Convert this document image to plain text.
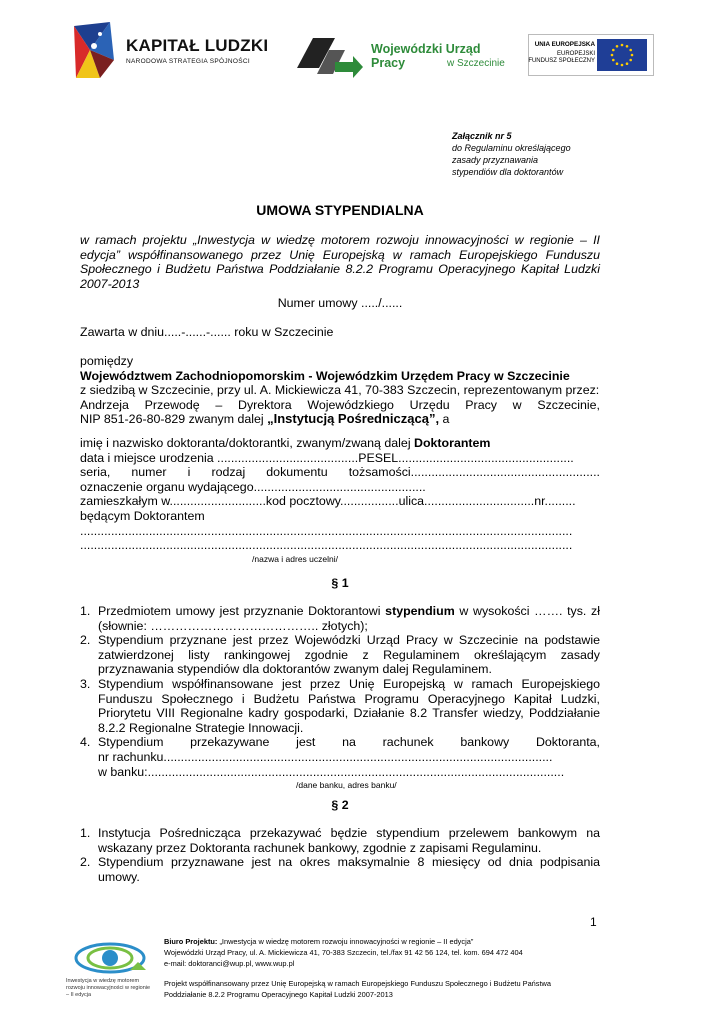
KAPITAŁ LUDZKI
NARODOWA STRATEGIA SPÓJNOŚCI
Wojewódzki Urząd Pracy	w Szczecinie
UNIA EUROPEJSKA
EUROPEJSKI
FUNDUSZ SPOŁECZNY
Załącznik nr 5
do Regulaminu określającego
zasady przyznawania
stypendiów dla doktorantów
UMOWA STYPENDIALNA
w ramach projektu „Inwestycja w wiedzę motorem rozwoju innowacyjności w regionie – II edycja” współfinansowanego przez Unię Europejską w ramach Europejskiego Funduszu Społecznego i Budżetu Państwa Poddziałanie 8.2.2 Programu Operacyjnego Kapitał Ludzki 2007-2013
Numer umowy ...../......
Zawarta w dniu.....-......-...... roku w Szczecinie
pomiędzy
Województwem Zachodniopomorskim - Wojewódzkim Urzędem Pracy w Szczecinie
z siedzibą w Szczecinie, przy ul. A. Mickiewicza 41, 70-383 Szczecin, reprezentowanym przez:
Andrzeja Przewodę – Dyrektora Wojewódzkiego Urzędu Pracy w Szczecinie,
NIP 851-26-80-829 zwanym dalej „Instytucją Pośredniczącą”, a
imię i nazwisko doktoranta/doktorantki, zwanym/zwaną dalej Doktorantem
data i miejsce urodzenia .........................................PESEL...................................................
seria, numer i rodzaj dokumentu tożsamości.......................................................
oznaczenie organu wydającego..................................................
zamieszkałym w............................kod pocztowy.................ulica................................nr.........
będącym Doktorantem
...............................................................................................................................................
...............................................................................................................................................
/nazwa i adres uczelni/
§ 1
1. Przedmiotem umowy jest przyznanie Doktorantowi stypendium w wysokości ……. tys. zł
(słownie: ………………………………….. złotych);
2. Stypendium przyznane jest przez Wojewódzki Urząd Pracy w Szczecinie na podstawie zatwierdzonej listy rankingowej zgodnie z Regulaminem określającym zasady przyznawania stypendiów dla doktorantów zwanym dalej Regulaminem.
3. Stypendium współfinansowane jest przez Unię Europejską w ramach Europejskiego Funduszu Społecznego i Budżetu Państwa Programu Operacyjnego Kapitał Ludzki, Priorytetu VIII Regionalne kadry gospodarki, Działanie 8.2 Transfer wiedzy, Poddziałanie 8.2.2 Regionalne Strategie Innowacji.
4. Stypendium przekazywane jest na rachunek bankowy Doktoranta,
nr rachunku.................................................................................................................
w banku:.........................................................................................................................
/dane banku, adres banku/
§ 2
1. Instytucja Pośrednicząca przekazywać będzie stypendium przelewem bankowym na wskazany przez Doktoranta rachunek bankowy, zgodnie z zapisami Regulaminu.
2. Stypendium przyznawane jest na okres maksymalnie 8 miesięcy od dnia podpisania umowy.
1
Inwestycja w wiedzę motorem
rozwoju innowacyjności w regionie
– II edycja
Biuro Projektu: „Inwestycja w wiedzę motorem rozwoju innowacyjności w regionie – II edycja”
Wojewódzki Urząd Pracy, ul. A. Mickiewicza 41, 70-383 Szczecin, tel./fax 91 42 56 124, tel. kom. 694 472 404
e-mail: doktoranci@wup.pl, www.wup.pl
Projekt współfinansowany przez Unię Europejską w ramach Europejskiego Funduszu Społecznego i Budżetu Państwa
Poddziałanie 8.2.2 Programu Operacyjnego Kapitał Ludzki 2007-2013
